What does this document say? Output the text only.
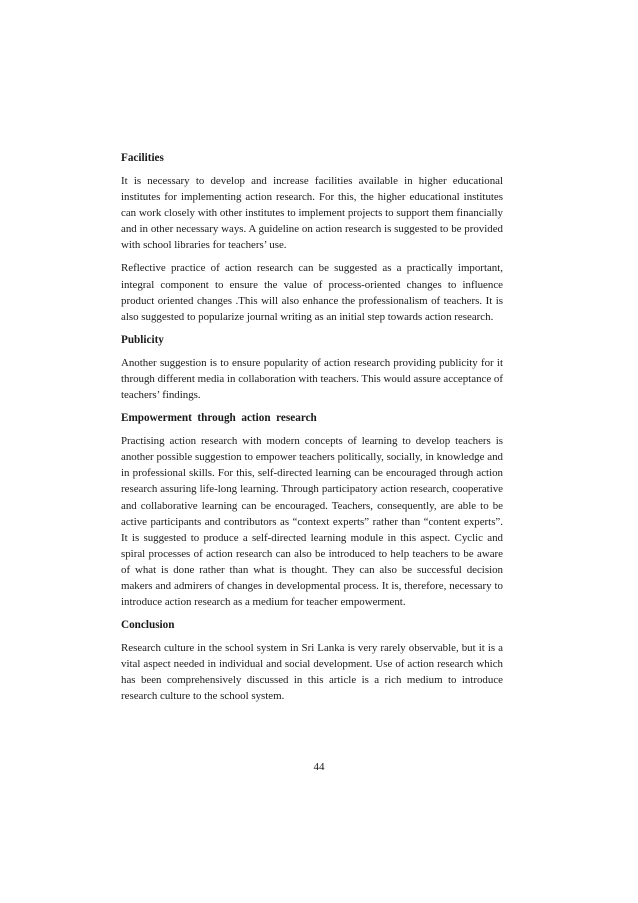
Facilities

It is necessary to develop and increase facilities available in higher educational institutes for implementing action research. For this, the higher educational institutes can work closely with other institutes to implement projects to support them financially and in other necessary ways. A guideline on action research is suggested to be provided with school libraries for teachers’ use.

Reflective practice of action research can be suggested as a practically important, integral component to ensure the value of process-oriented changes to influence product oriented changes .This will also enhance the professionalism of teachers. It is also suggested to popularize journal writing as an initial step towards action research.

Publicity

Another suggestion is to ensure popularity of action research providing publicity for it through different media in collaboration with teachers. This would assure acceptance of teachers’ findings.

Empowerment  through  action  research

Practising action research with modern concepts of learning to develop teachers is another possible suggestion to empower teachers politically, socially, in knowledge and in professional skills. For this, self-directed learning can be encouraged through action research assuring life-long learning. Through participatory action research, cooperative and collaborative learning can be encouraged. Teachers, consequently, are able to be active participants and contributors as “context experts” rather than “content experts”. It is suggested to produce a self-directed learning module in this aspect. Cyclic and spiral processes of action research can also be introduced to help teachers to be aware of what is done rather than what is thought. They can also be successful decision makers and admirers of changes in developmental process. It is, therefore, necessary to introduce action research as a medium for teacher empowerment.

Conclusion

Research culture in the school system in Sri Lanka is very rarely observable, but it is a vital aspect needed in individual and social development. Use of action research which has been comprehensively discussed in this article is a rich medium to introduce research culture to the school system.

44
